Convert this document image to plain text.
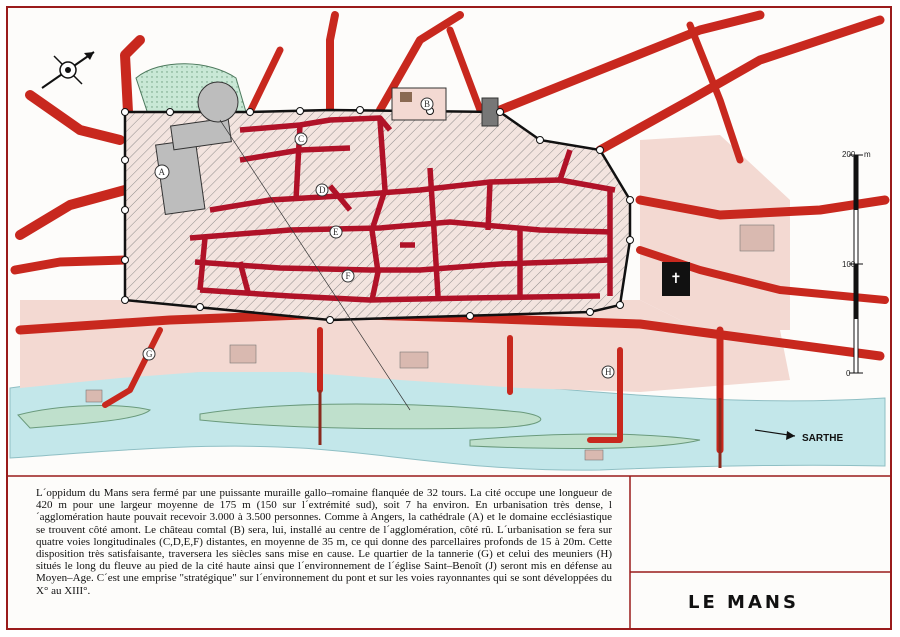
✝
A
B
C
D
E
F
G
H
SARTHE
200 m
100
0
L´oppidum du Mans sera fermé par une puissante muraille gallo–romaine flanquée de 32 tours. La cité occupe une longueur de 420 m pour une largeur moyenne de 175 m (150 sur l´extrémité sud), soit 7 ha environ. En urbanisation très dense, l´agglomération haute pouvait recevoir 3.000 à 3.500 personnes. Comme à Angers, la cathédrale (A) et le domaine ecclésiastique se trouvent côté amont. Le château comtal (B) sera, lui, installé au centre de l´agglomération, côté rû. L´urbanisation se fera sur quatre voies longitudinales (C,D,E,F) distantes, en moyenne de 35 m, ce qui donne des parcellaires profonds de 15 à 20m. Cette disposition très satisfaisante, traversera les siècles sans mise en cause. Le quartier de la tannerie (G) et celui des meuniers (H) situés le long du fleuve au pied de la cité haute ainsi que l´environnement de l´église Saint–Benoît (J) seront mis en défense au Moyen–Age. C´est une emprise "stratégique" sur l´environnement du pont et sur les voies rayonnantes qui se sont développées du X° au XIII°.
LE MANS
